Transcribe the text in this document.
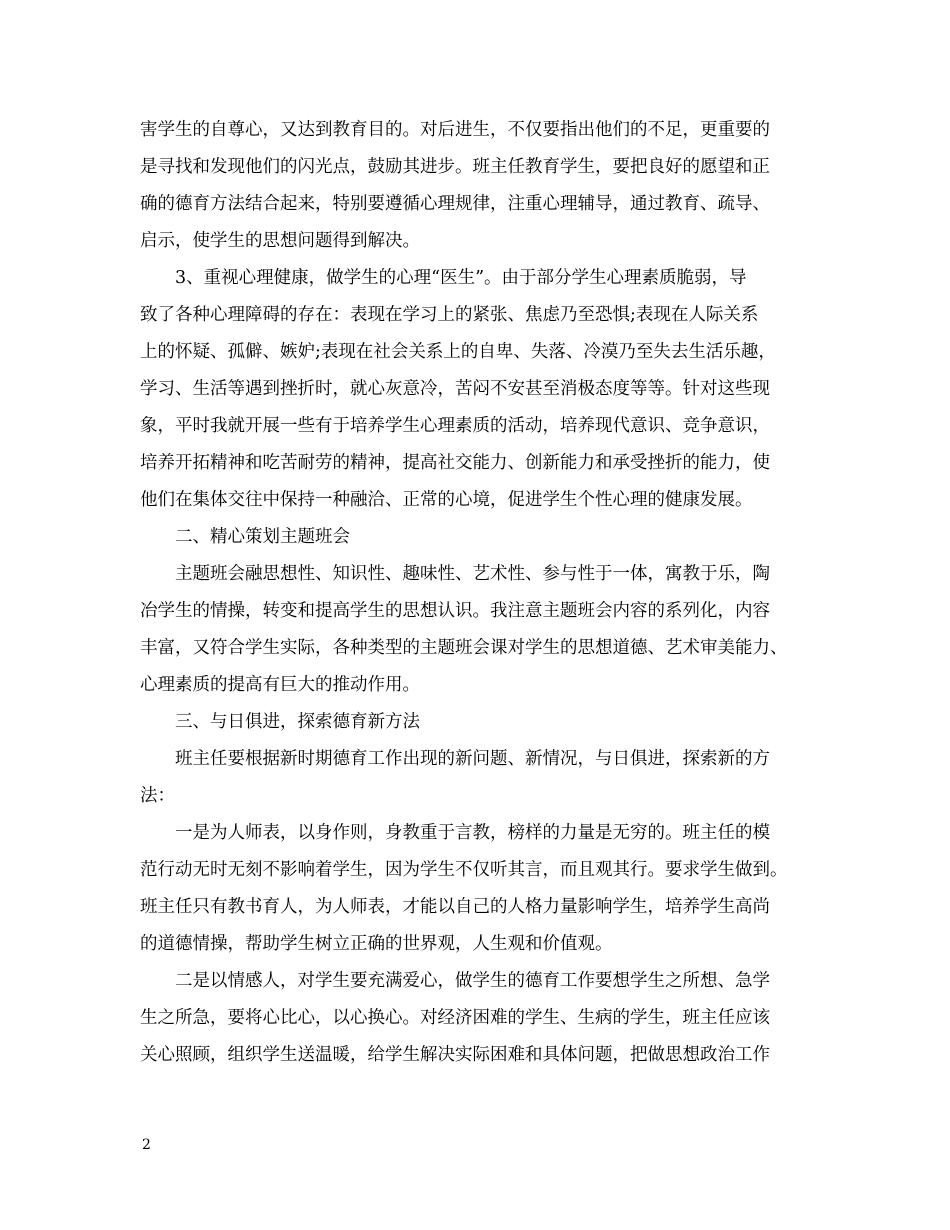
害学生的自尊心，又达到教育目的。对后进生，不仅要指出他们的不足，更重要的
是寻找和发现他们的闪光点，鼓励其进步。班主任教育学生，要把良好的愿望和正
确的德育方法结合起来，特别要遵循心理规律，注重心理辅导，通过教育、疏导、
启示，使学生的思想问题得到解决。
3、重视心理健康，做学生的心理“医生”。由于部分学生心理素质脆弱，导
致了各种心理障碍的存在：表现在学习上的紧张、焦虑乃至恐惧;表现在人际关系
上的怀疑、孤僻、嫉妒;表现在社会关系上的自卑、失落、冷漠乃至失去生活乐趣，
学习、生活等遇到挫折时，就心灰意冷，苦闷不安甚至消极态度等等。针对这些现
象，平时我就开展一些有于培养学生心理素质的活动，培养现代意识、竞争意识，
培养开拓精神和吃苦耐劳的精神，提高社交能力、创新能力和承受挫折的能力，使
他们在集体交往中保持一种融洽、正常的心境，促进学生个性心理的健康发展。
二、精心策划主题班会
主题班会融思想性、知识性、趣味性、艺术性、参与性于一体，寓教于乐，陶
冶学生的情操，转变和提高学生的思想认识。我注意主题班会内容的系列化，内容
丰富，又符合学生实际，各种类型的主题班会课对学生的思想道德、艺术审美能力、
心理素质的提高有巨大的推动作用。
三、与日俱进，探索德育新方法
班主任要根据新时期德育工作出现的新问题、新情况，与日俱进，探索新的方
法：
一是为人师表，以身作则，身教重于言教，榜样的力量是无穷的。班主任的模
范行动无时无刻不影响着学生，因为学生不仅听其言，而且观其行。要求学生做到。
班主任只有教书育人，为人师表，才能以自己的人格力量影响学生，培养学生高尚
的道德情操，帮助学生树立正确的世界观，人生观和价值观。
二是以情感人，对学生要充满爱心，做学生的德育工作要想学生之所想、急学
生之所急，要将心比心，以心换心。对经济困难的学生、生病的学生，班主任应该
关心照顾，组织学生送温暖，给学生解决实际困难和具体问题，把做思想政治工作
2
